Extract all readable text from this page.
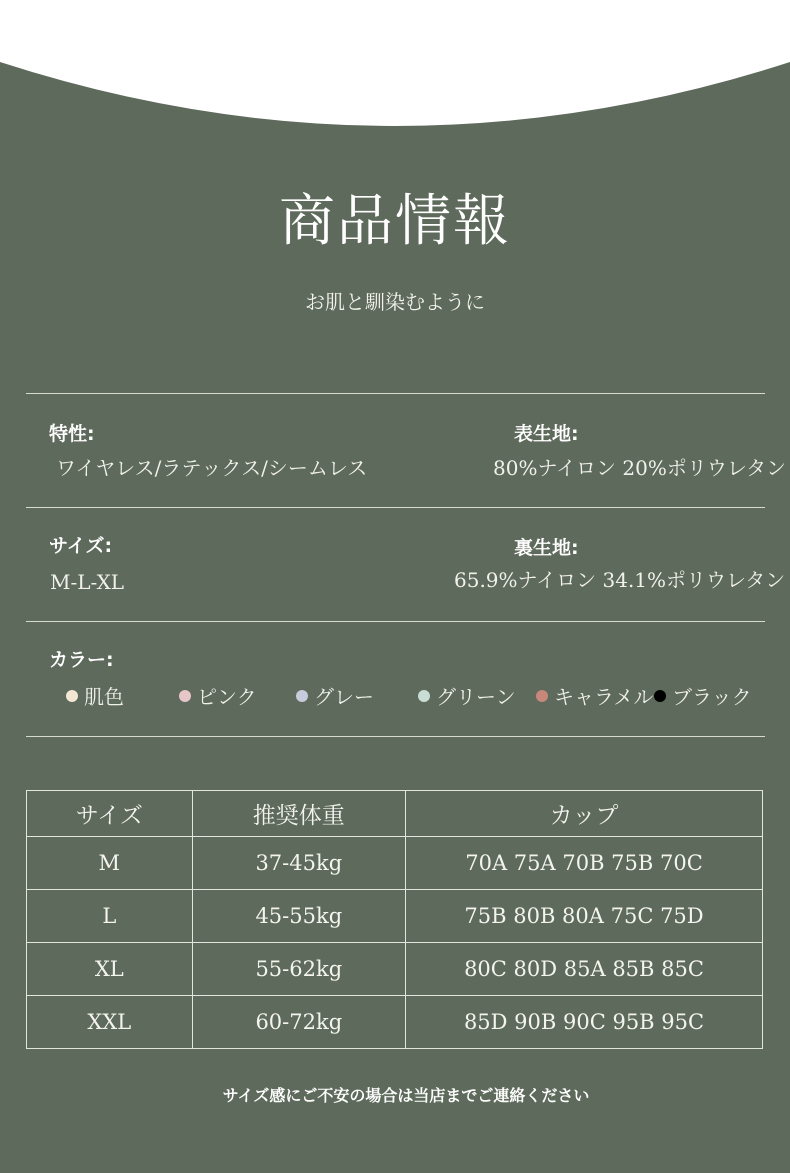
商品情報
お肌と馴染むように
特性:
ワイヤレス/ラテックス/シームレス
表生地:
80%ナイロン 20%ポリウレタン
サイズ:
M-L-XL
裏生地:
65.9%ナイロン 34.1%ポリウレタン
カラー:
肌色	ピンク	グレー	グリーン	キャラメル ブラック
サイズ	推奨体重	カップ
M	37-45kg	70A 75A 70B 75B 70C
L	45-55kg	75B 80B 80A 75C 75D
XL	55-62kg	80C 80D 85A 85B 85C
XXL	60-72kg	85D 90B 90C 95B 95C
サイズ感にご不安の場合は当店までご連絡ください
